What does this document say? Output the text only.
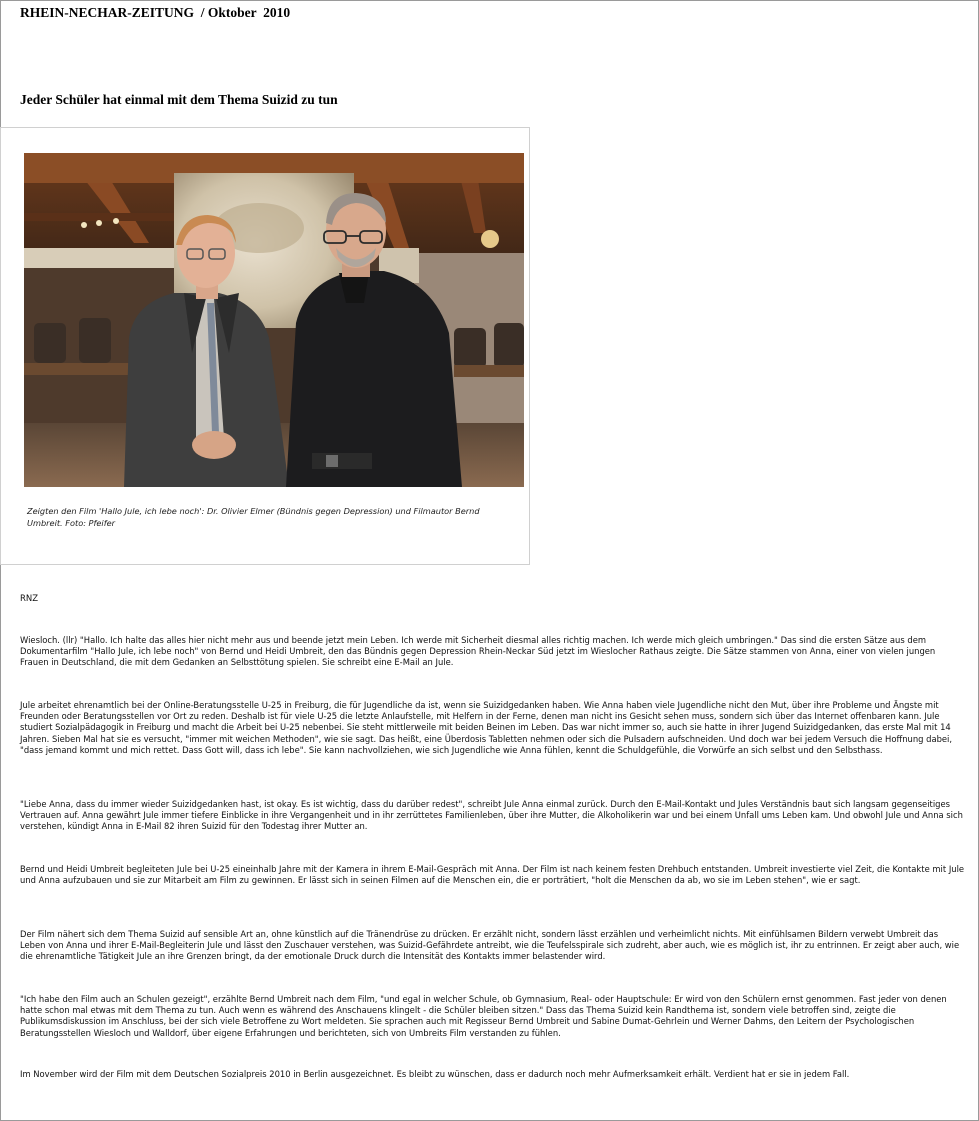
RHEIN-NECHAR-ZEITUNG  / Oktober  2010
Jeder Schüler hat einmal mit dem Thema Suizid zu tun
Zeigten den Film 'Hallo Jule, ich lebe noch': Dr. Olivier Elmer (Bündnis gegen Depression) und Filmautor Bernd Umbreit. Foto: Pfeifer
RNZ

Wiesloch. (llr) "Hallo. Ich halte das alles hier nicht mehr aus und beende jetzt mein Leben. Ich werde mit Sicherheit diesmal alles richtig machen. Ich werde mich gleich umbringen." Das sind die ersten Sätze aus dem Dokumentarfilm "Hallo Jule, ich lebe noch" von Bernd und Heidi Umbreit, den das Bündnis gegen Depression Rhein-Neckar Süd jetzt im Wieslocher Rathaus zeigte. Die Sätze stammen von Anna, einer von vielen jungen Frauen in Deutschland, die mit dem Gedanken an Selbsttötung spielen. Sie schreibt eine E-Mail an Jule.

Jule arbeitet ehrenamtlich bei der Online-Beratungsstelle U-25 in Freiburg, die für Jugendliche da ist, wenn sie Suizidgedanken haben. Wie Anna haben viele Jugendliche nicht den Mut, über ihre Probleme und Ängste mit Freunden oder Beratungsstellen vor Ort zu reden. Deshalb ist für viele U-25 die letzte Anlaufstelle, mit Helfern in der Ferne, denen man nicht ins Gesicht sehen muss, sondern sich über das Internet offenbaren kann. Jule studiert Sozialpädagogik in Freiburg und macht die Arbeit bei U-25 nebenbei. Sie steht mittlerweile mit beiden Beinen im Leben. Das war nicht immer so, auch sie hatte in ihrer Jugend Suizidgedanken, das erste Mal mit 14 Jahren. Sieben Mal hat sie es versucht, "immer mit weichen Methoden", wie sie sagt. Das heißt, eine Überdosis Tabletten nehmen oder sich die Pulsadern aufschneiden. Und doch war bei jedem Versuch die Hoffnung dabei, "dass jemand kommt und mich rettet. Dass Gott will, dass ich lebe". Sie kann nachvollziehen, wie sich Jugendliche wie Anna fühlen, kennt die Schuldgefühle, die Vorwürfe an sich selbst und den Selbsthass.

"Liebe Anna, dass du immer wieder Suizidgedanken hast, ist okay. Es ist wichtig, dass du darüber redest", schreibt Jule Anna einmal zurück. Durch den E-Mail-Kontakt und Jules Verständnis baut sich langsam gegenseitiges Vertrauen auf. Anna gewährt Jule immer tiefere Einblicke in ihre Vergangenheit und in ihr zerrüttetes Familienleben, über ihre Mutter, die Alkoholikerin war und bei einem Unfall ums Leben kam. Und obwohl Jule und Anna sich verstehen, kündigt Anna in E-Mail 82 ihren Suizid für den Todestag ihrer Mutter an.

Bernd und Heidi Umbreit begleiteten Jule bei U-25 eineinhalb Jahre mit der Kamera in ihrem E-Mail-Gespräch mit Anna. Der Film ist nach keinem festen Drehbuch entstanden. Umbreit investierte viel Zeit, die Kontakte mit Jule und Anna aufzubauen und sie zur Mitarbeit am Film zu gewinnen. Er lässt sich in seinen Filmen auf die Menschen ein, die er porträtiert, "holt die Menschen da ab, wo sie im Leben stehen", wie er sagt.

Der Film nähert sich dem Thema Suizid auf sensible Art an, ohne künstlich auf die Tränendrüse zu drücken. Er erzählt nicht, sondern lässt erzählen und verheimlicht nichts. Mit einfühlsamen Bildern verwebt Umbreit das Leben von Anna und ihrer E-Mail-Begleiterin Jule und lässt den Zuschauer verstehen, was Suizid-Gefährdete antreibt, wie die Teufelsspirale sich zudreht, aber auch, wie es möglich ist, ihr zu entrinnen. Er zeigt aber auch, wie die ehrenamtliche Tätigkeit Jule an ihre Grenzen bringt, da der emotionale Druck durch die Intensität des Kontakts immer belastender wird.

"Ich habe den Film auch an Schulen gezeigt", erzählte Bernd Umbreit nach dem Film, "und egal in welcher Schule, ob Gymnasium, Real- oder Hauptschule: Er wird von den Schülern ernst genommen. Fast jeder von denen hatte schon mal etwas mit dem Thema zu tun. Auch wenn es während des Anschauens klingelt - die Schüler bleiben sitzen." Dass das Thema Suizid kein Randthema ist, sondern viele betroffen sind, zeigte die Publikumsdiskussion im Anschluss, bei der sich viele Betroffene zu Wort meldeten. Sie sprachen auch mit Regisseur Bernd Umbreit und Sabine Dumat-Gehrlein und Werner Dahms, den Leitern der Psychologischen Beratungsstellen Wiesloch und Walldorf, über eigene Erfahrungen und berichteten, sich von Umbreits Film verstanden zu fühlen.

Im November wird der Film mit dem Deutschen Sozialpreis 2010 in Berlin ausgezeichnet. Es bleibt zu wünschen, dass er dadurch noch mehr Aufmerksamkeit erhält. Verdient hat er sie in jedem Fall.
